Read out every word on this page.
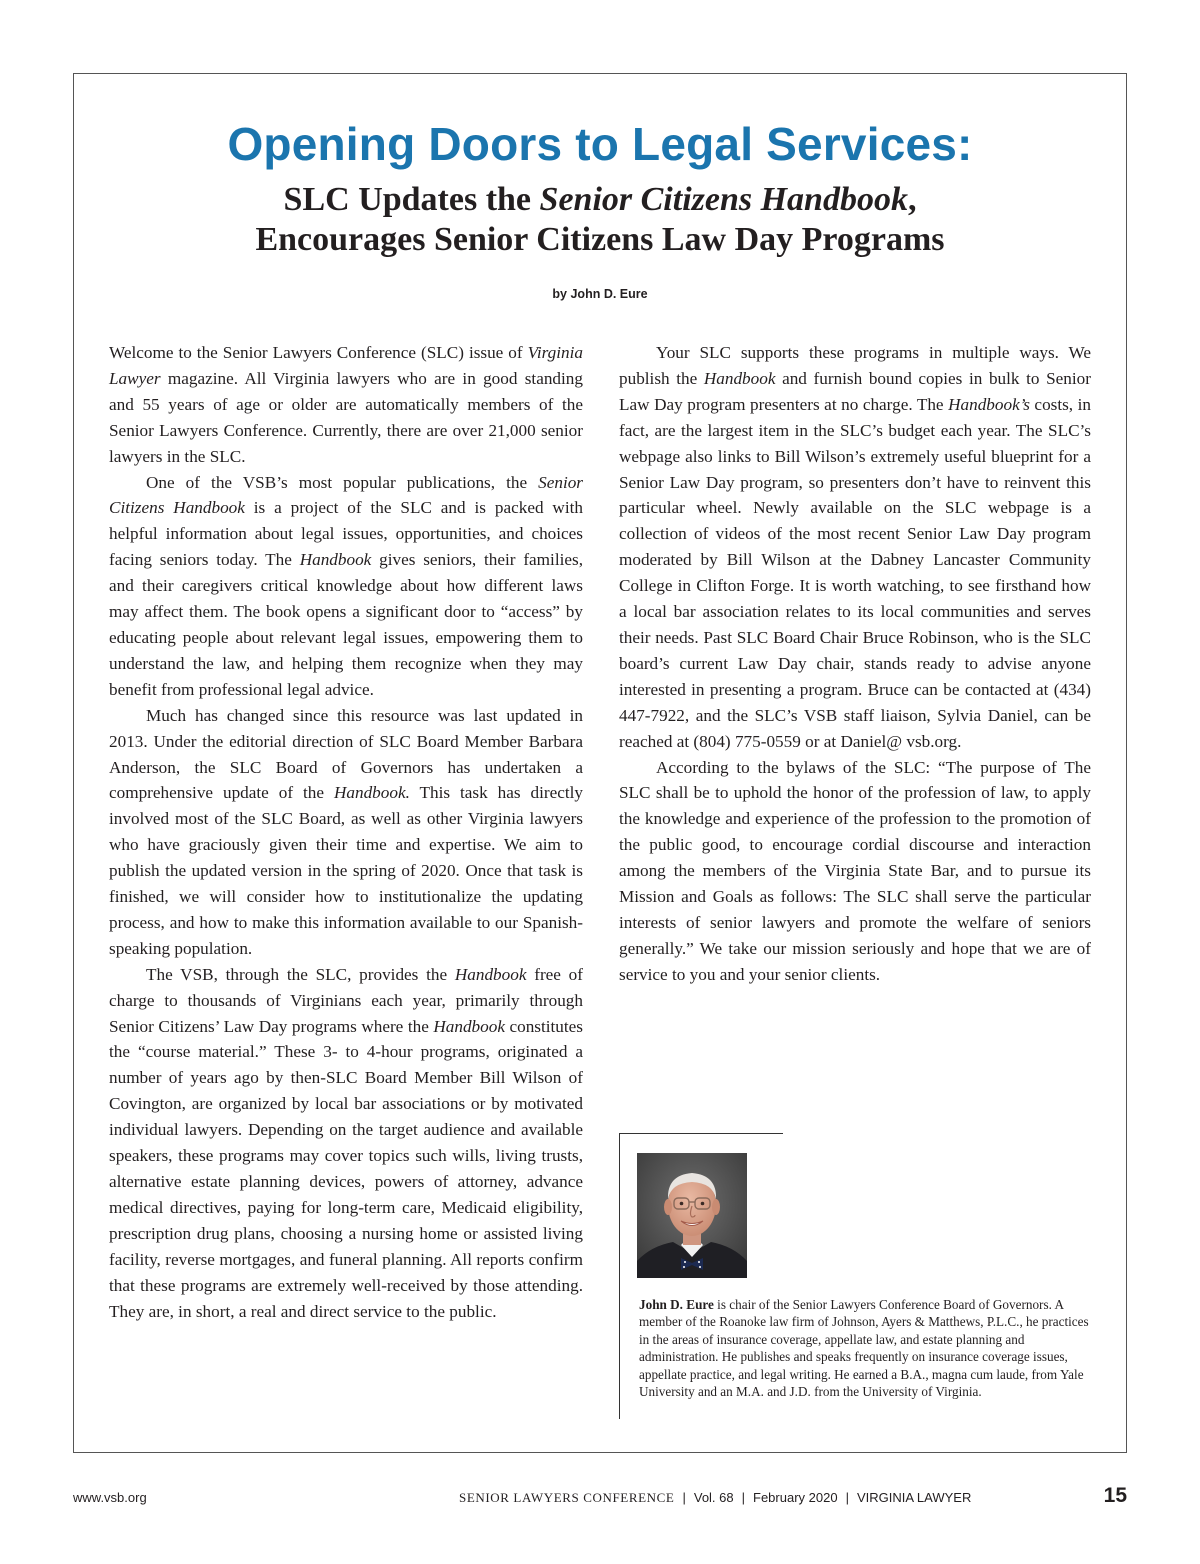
Opening Doors to Legal Services:
SLC Updates the Senior Citizens Handbook,
Encourages Senior Citizens Law Day Programs
by John D. Eure

Welcome to the Senior Lawyers Conference (SLC) issue of Virginia Lawyer magazine. All Virginia lawyers who are in good standing and 55 years of age or older are automatically members of the Senior Lawyers Conference. Currently, there are over 21,000 senior lawyers in the SLC.

One of the VSB’s most popular publications, the Senior Citizens Handbook is a project of the SLC and is packed with helpful information about legal issues, opportunities, and choices facing seniors today. The Handbook gives seniors, their families, and their caregivers critical knowledge about how different laws may affect them. The book opens a significant door to “access” by educating people about relevant legal issues, empowering them to understand the law, and helping them recognize when they may benefit from professional legal advice.

Much has changed since this resource was last updated in 2013. Under the editorial direction of SLC Board Member Barbara Anderson, the SLC Board of Governors has undertaken a comprehensive update of the Handbook. This task has directly involved most of the SLC Board, as well as other Virginia lawyers who have graciously given their time and expertise. We aim to publish the updated version in the spring of 2020. Once that task is finished, we will consider how to institutionalize the updating process, and how to make this information available to our Spanish-speaking population.

The VSB, through the SLC, provides the Handbook free of charge to thousands of Virginians each year, primarily through Senior Citizens’ Law Day programs where the Handbook constitutes the “course material.” These 3- to 4-hour programs, originated a number of years ago by then-SLC Board Member Bill Wilson of Covington, are organized by local bar associations or by motivated individual lawyers. Depending on the target audience and available speakers, these programs may cover topics such wills, living trusts, alternative estate planning devices, powers of attorney, advance medical directives, paying for long-term care, Medicaid eligibility, prescription drug plans, choosing a nursing home or assisted living facility, reverse mortgages, and funeral planning. All reports confirm that these programs are extremely well-received by those attending. They are, in short, a real and direct service to the public.

Your SLC supports these programs in multiple ways. We publish the Handbook and furnish bound copies in bulk to Senior Law Day program presenters at no charge. The Handbook’s costs, in fact, are the largest item in the SLC’s budget each year. The SLC’s webpage also links to Bill Wilson’s extremely useful blueprint for a Senior Law Day program, so presenters don’t have to reinvent this particular wheel. Newly available on the SLC webpage is a collection of videos of the most recent Senior Law Day program moderated by Bill Wilson at the Dabney Lancaster Community College in Clifton Forge. It is worth watching, to see firsthand how a local bar association relates to its local communities and serves their needs. Past SLC Board Chair Bruce Robinson, who is the SLC board’s current Law Day chair, stands ready to advise anyone interested in presenting a program. Bruce can be contacted at (434) 447-7922, and the SLC’s VSB staff liaison, Sylvia Daniel, can be reached at (804) 775-0559 or at Daniel@ vsb.org.

According to the bylaws of the SLC: “The purpose of The SLC shall be to uphold the honor of the profession of law, to apply the knowledge and experience of the profession to the promotion of the public good, to encourage cordial discourse and interaction among the members of the Virginia State Bar, and to pursue its Mission and Goals as follows: The SLC shall serve the particular interests of senior lawyers and promote the welfare of seniors generally.” We take our mission seriously and hope that we are of service to you and your senior clients.

John D. Eure is chair of the Senior Lawyers Conference Board of Governors. A member of the Roanoke law firm of Johnson, Ayers & Matthews, P.L.C., he practices in the areas of insurance coverage, appellate law, and estate planning and administration. He publishes and speaks frequently on insurance coverage issues, appellate practice, and legal writing. He earned a B.A., magna cum laude, from Yale University and an M.A. and J.D. from the University of Virginia.

www.vsb.org	SENIOR LAWYERS CONFERENCE | Vol. 68 | February 2020 | VIRGINIA LAWYER	15
